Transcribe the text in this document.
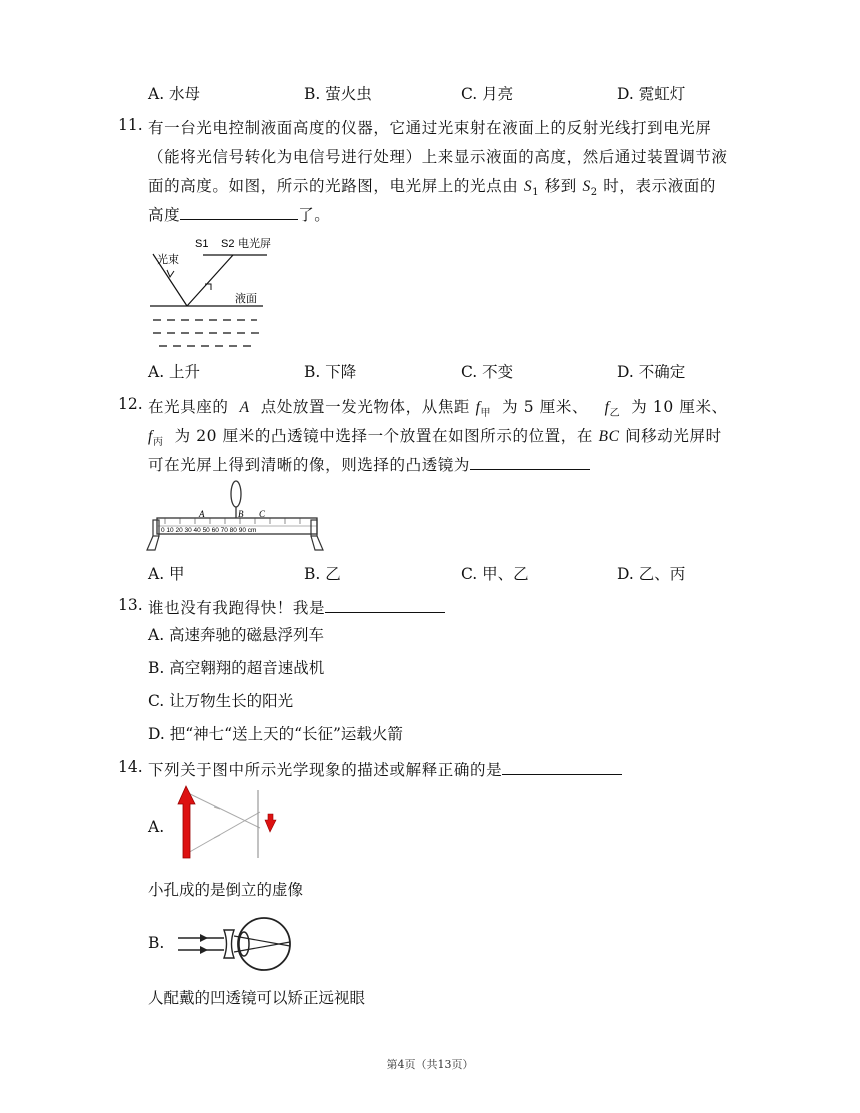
A. 水母	B. 萤火虫	C. 月亮	D. 霓虹灯
11. 有一台光电控制液面高度的仪器，它通过光束射在液面上的反射光线打到电光屏
（能将光信号转化为电信号进行处理）上来显示液面的高度，然后通过装置调节液
面的高度。如图，所示的光路图，电光屏上的光点由 $S_1$ 移到 $S_2$ 时，表示液面的
高度	了。
S1 S2 电光屏
光束
液面
A. 上升	B. 下降	C. 不变	D. 不确定
12. 在光具座的 A 点处放置一发光物体，从焦距 $f_甲$ 为 5 厘米、 $f_乙$ 为 10 厘米、
$f_丙$ 为 20 厘米的凸透镜中选择一个放置在如图所示的位置，在 BC 间移动光屏时
可在光屏上得到清晰的像，则选择的凸透镜为
A	B C
0 10 20 30 40 50 60 70 80 90 cm
A. 甲	B. 乙	C. 甲、乙	D. 乙、丙
13. 谁也没有我跑得快！我是
A. 高速奔驰的磁悬浮列车
B. 高空翱翔的超音速战机
C. 让万物生长的阳光
D. 把“神七“送上天的“长征”运载火箭
14. 下列关于图中所示光学现象的描述或解释正确的是
A.
小孔成的是倒立的虚像
B.
人配戴的凹透镜可以矫正远视眼
第4页（共13页）
